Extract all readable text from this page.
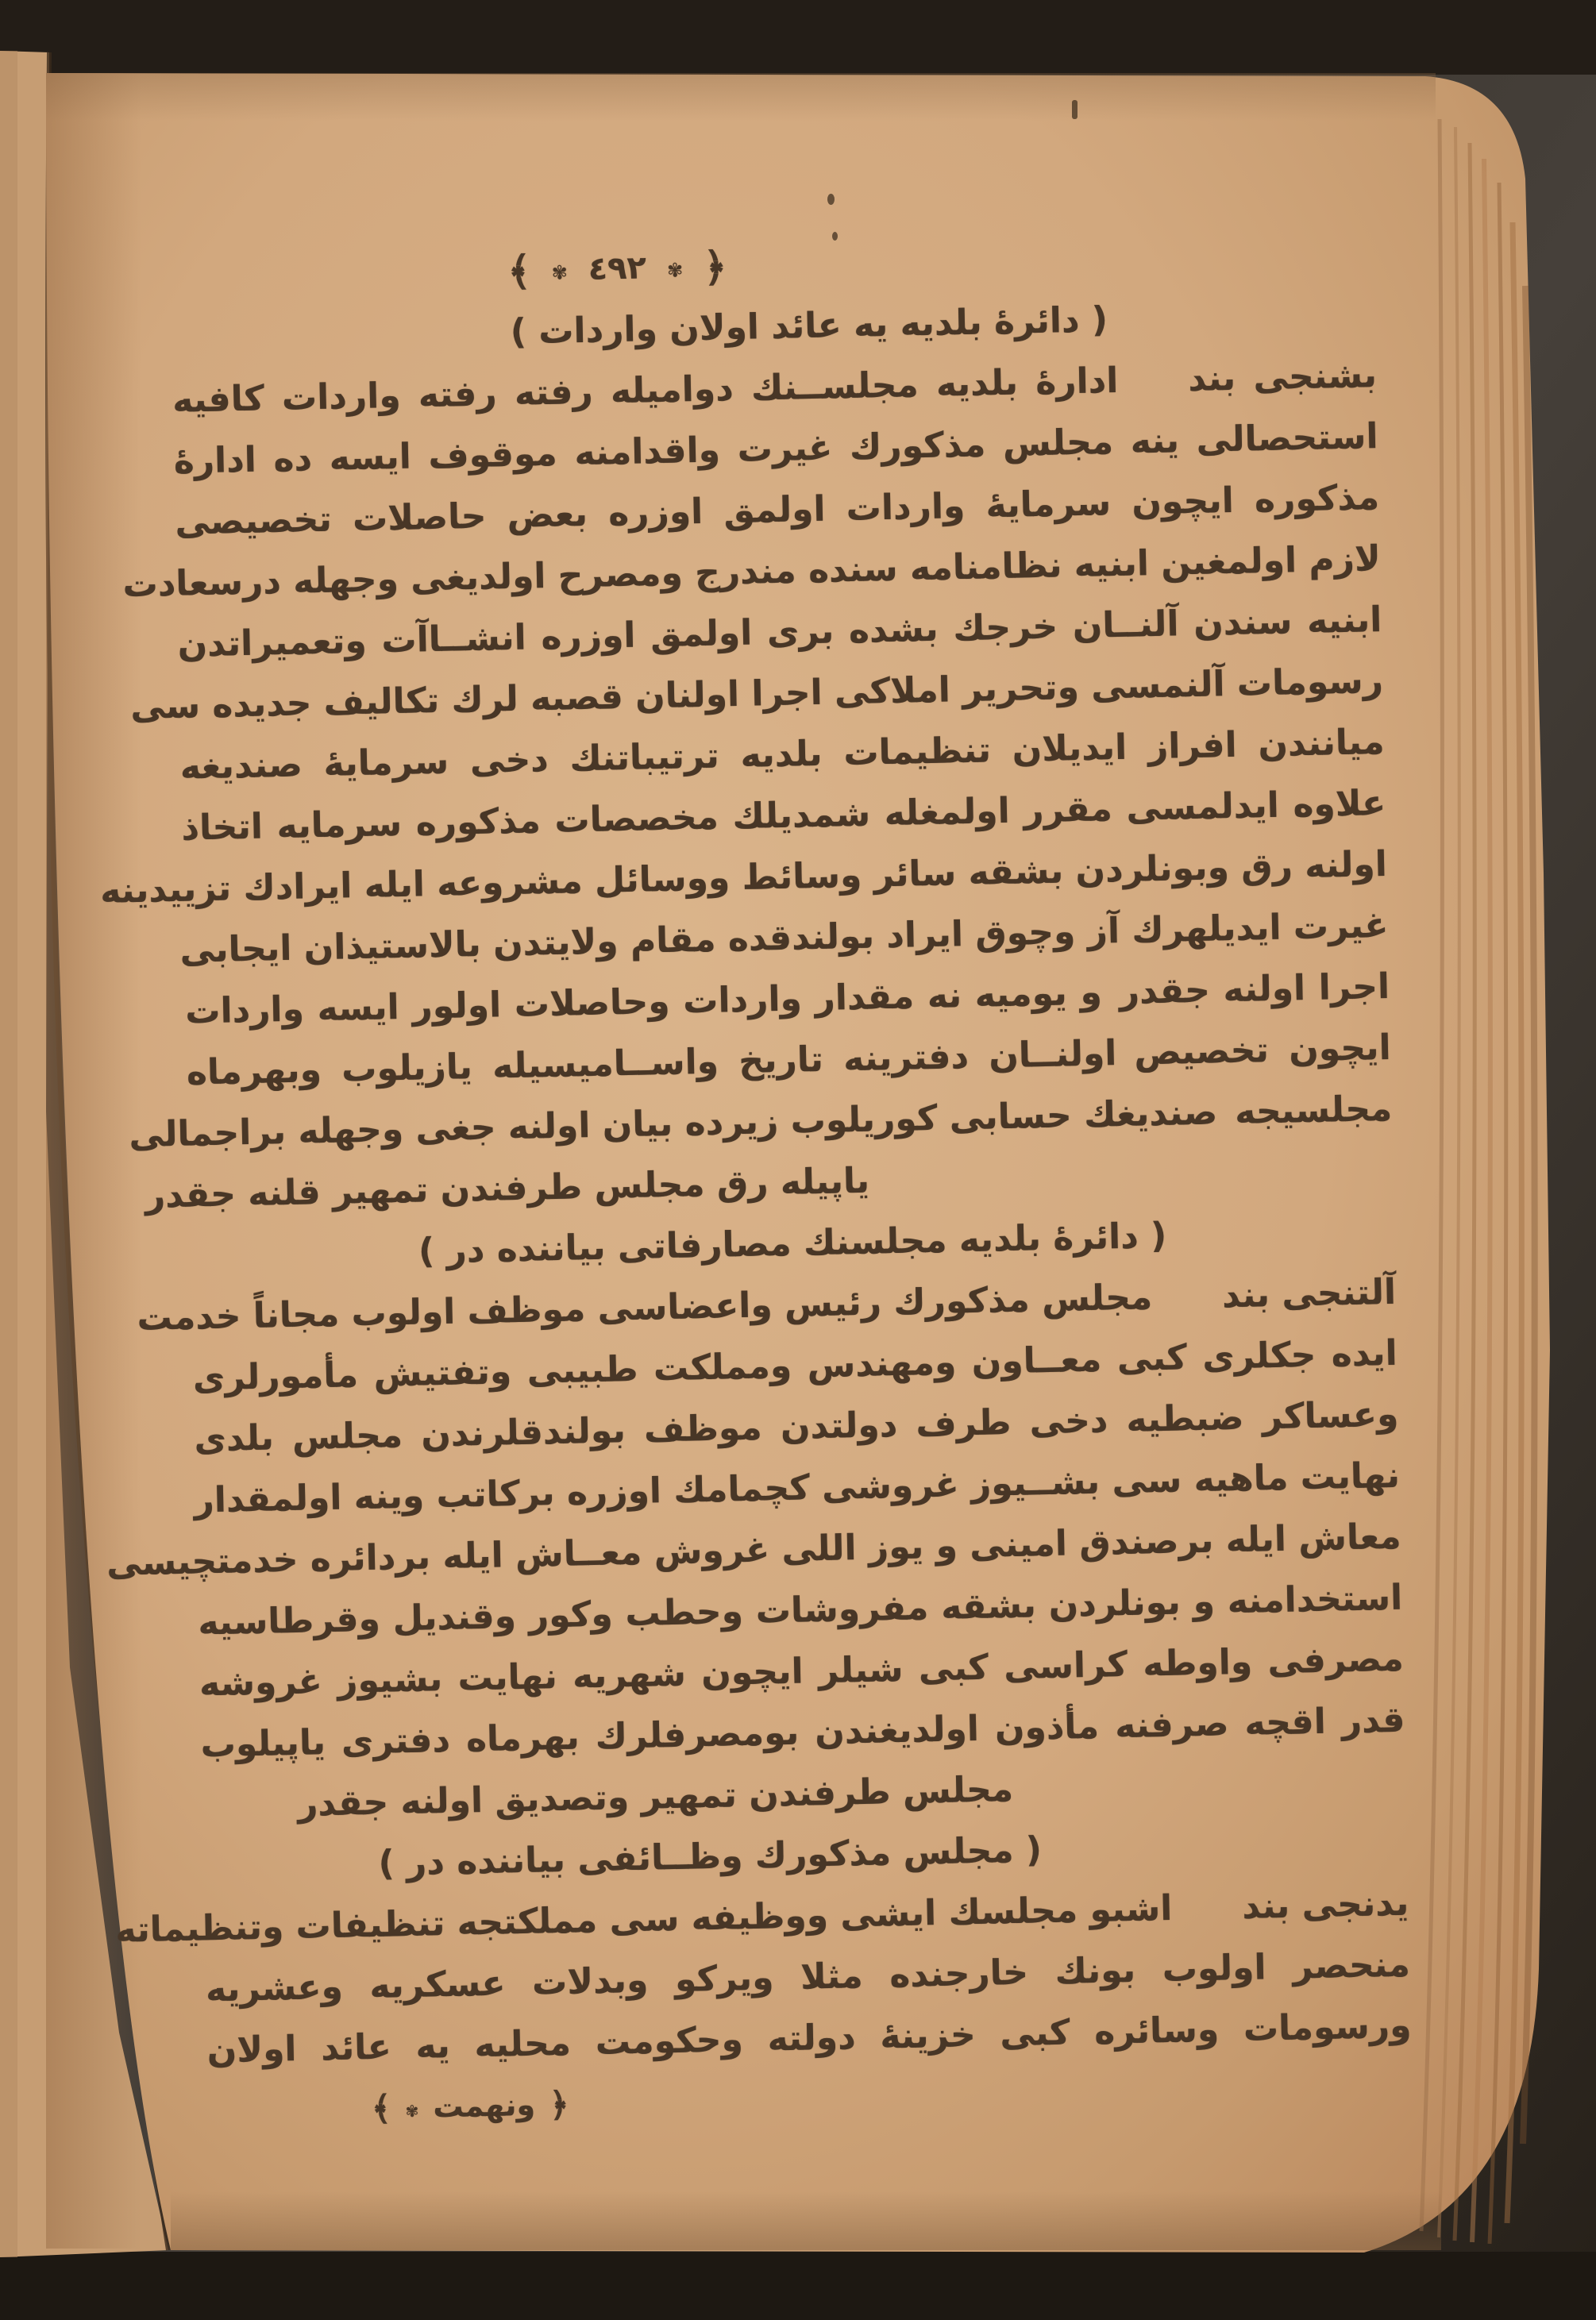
﴾ ✾ ٤٩٢ ✾ ﴿
( دائرهٔ بلدیه یه عائد اولان واردات )
بشنجی بند  ادارهٔ بلدیه مجلســنك دوامیله رفته رفته واردات كافیه
استحصالی ینه مجلس مذكورك غیرت واقدامنه موقوف ایسه ده ادارهٔ
مذكوره ایچون سرمایهٔ واردات اولمق اوزره بعض حاصلات تخصیصی
لازم اولمغین ابنیه نظامنامه سنده مندرج ومصرح اولدیغی وجهله درسعادت
ابنیه سندن آلنــان خرجك بشده بری اولمق اوزره انشــاآت وتعمیراتدن
رسومات آلنمسی وتحریر املاكی اجرا اولنان قصبه لرك تكالیف جدیده سی
میانندن افراز ایدیلان تنظیمات بلدیه ترتیباتنك دخی سرمایهٔ صندیغه
علاوه ایدلمسی مقرر اولمغله شمدیلك مخصصات مذكوره سرمایه اتخاذ
اولنه رق وبونلردن بشقه سائر وسائط ووسائل مشروعه ایله ایرادك تزییدینه
غیرت ایدیلهرك آز وچوق ایراد بولندقده مقام ولایتدن بالاستیذان ایجابی
اجرا اولنه جقدر و یومیه نه مقدار واردات وحاصلات اولور ایسه واردات
ایچون تخصیص اولنــان دفترینه تاریخ واســامیسیله یازیلوب وبهرماه
مجلسیجه صندیغك حسابی كوریلوب زیرده بیان اولنه جغی وجهله براجمالی
یاپیله رق مجلس طرفندن تمهیر قلنه جقدر
( دائرهٔ بلدیه مجلسنك مصارفاتی بیاننده در )
آلتنجی بند  مجلس مذكورك رئیس واعضاسی موظف اولوب مجاناً خدمت
ایده جكلری كبی معــاون ومهندس ومملكت طبیبی وتفتیش مأمورلری
وعساكر ضبطیه دخی طرف دولتدن موظف بولندقلرندن مجلس بلدی
نهایت ماهیه سی بشــیوز غروشی كچمامك اوزره بركاتب وینه اولمقدار
معاش ایله برصندق امینی و یوز اللی غروش معــاش ایله بردائره خدمتچیسی
استخدامنه و بونلردن بشقه مفروشات وحطب وكور وقندیل وقرطاسیه
مصرفی واوطه كراسی كبی شیلر ایچون شهریه نهایت بشیوز غروشه
قدر اقچه صرفنه مأذون اولدیغندن بومصرفلرك بهرماه دفتری یاپیلوب
مجلس طرفندن تمهیر وتصدیق اولنه جقدر
( مجلس مذكورك وظــائفی بیاننده در )
یدنجی بند  اشبو مجلسك ایشی ووظیفه سی مملكتجه تنظیفات وتنظیماته
منحصر اولوب بونك خارجنده مثلا ویركو وبدلات عسكریه وعشریه
ورسومات وسائره كبی خزینهٔ دولته وحكومت محلیه یه عائد اولان
﴾ ✾ ونهمت ﴿
